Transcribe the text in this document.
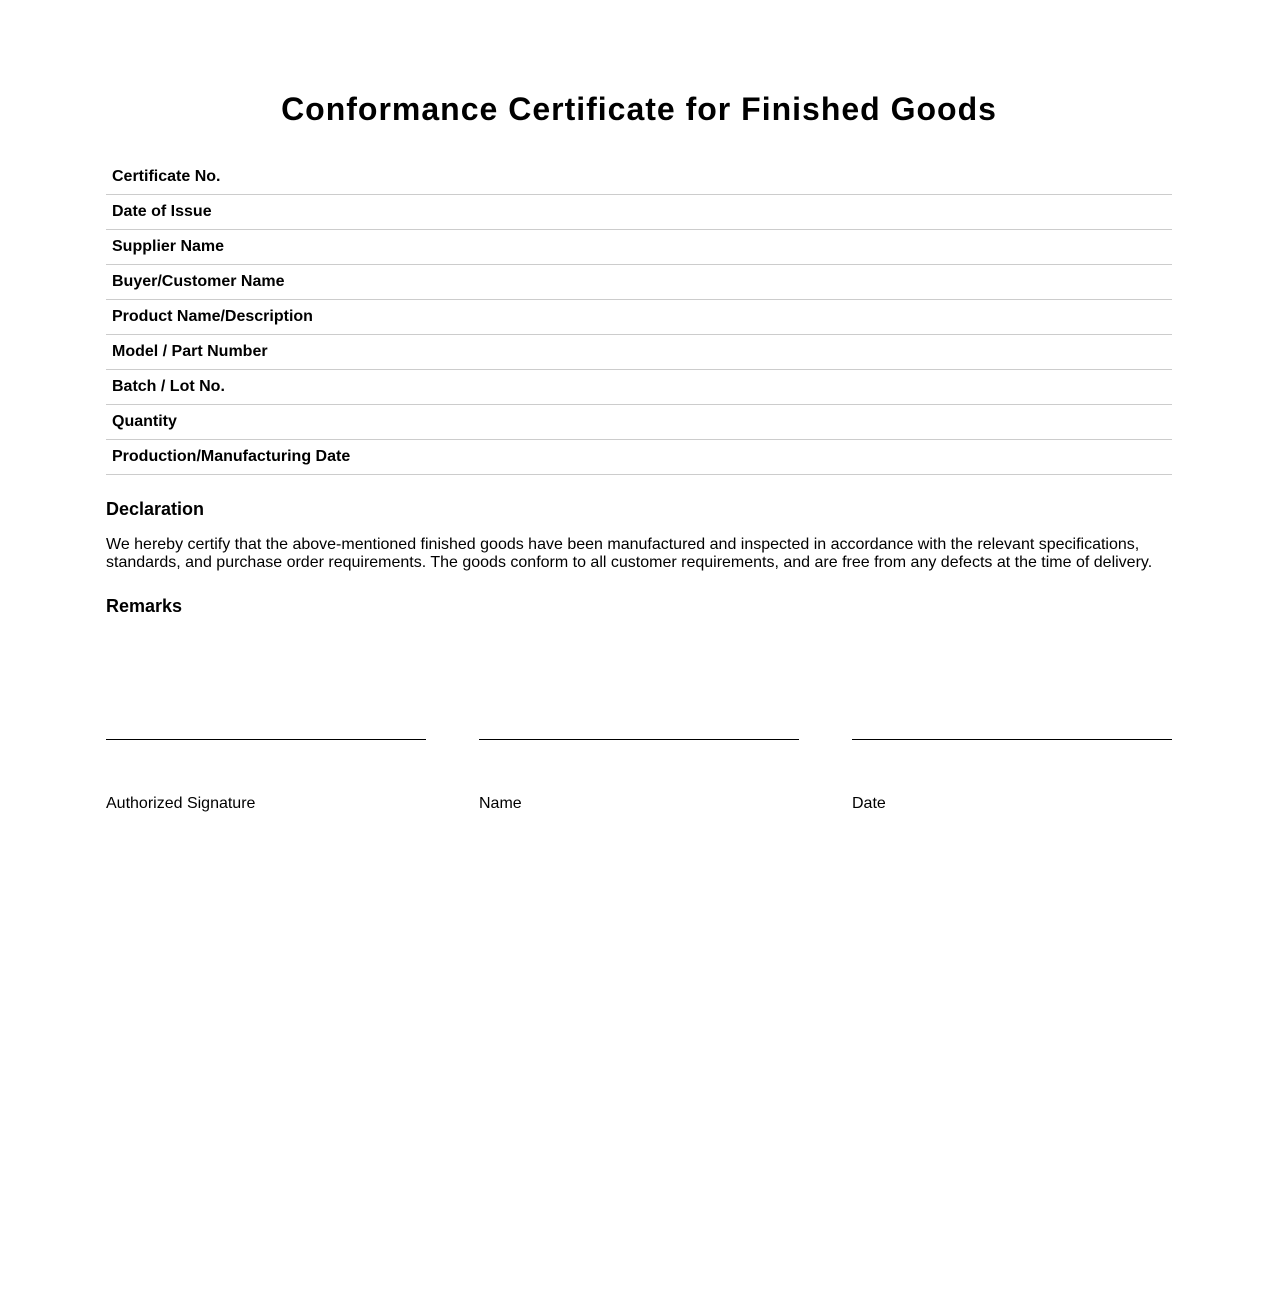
Conformance Certificate for Finished Goods
Certificate No.
Date of Issue
Supplier Name
Buyer/Customer Name
Product Name/Description
Model / Part Number
Batch / Lot No.
Quantity
Production/Manufacturing Date
Declaration

We hereby certify that the above-mentioned finished goods have been manufactured and inspected in accordance with the relevant specifications, standards, and purchase order requirements. The goods conform to all customer requirements, and are free from any defects at the time of delivery.

Remarks
Authorized Signature	Name	Date
